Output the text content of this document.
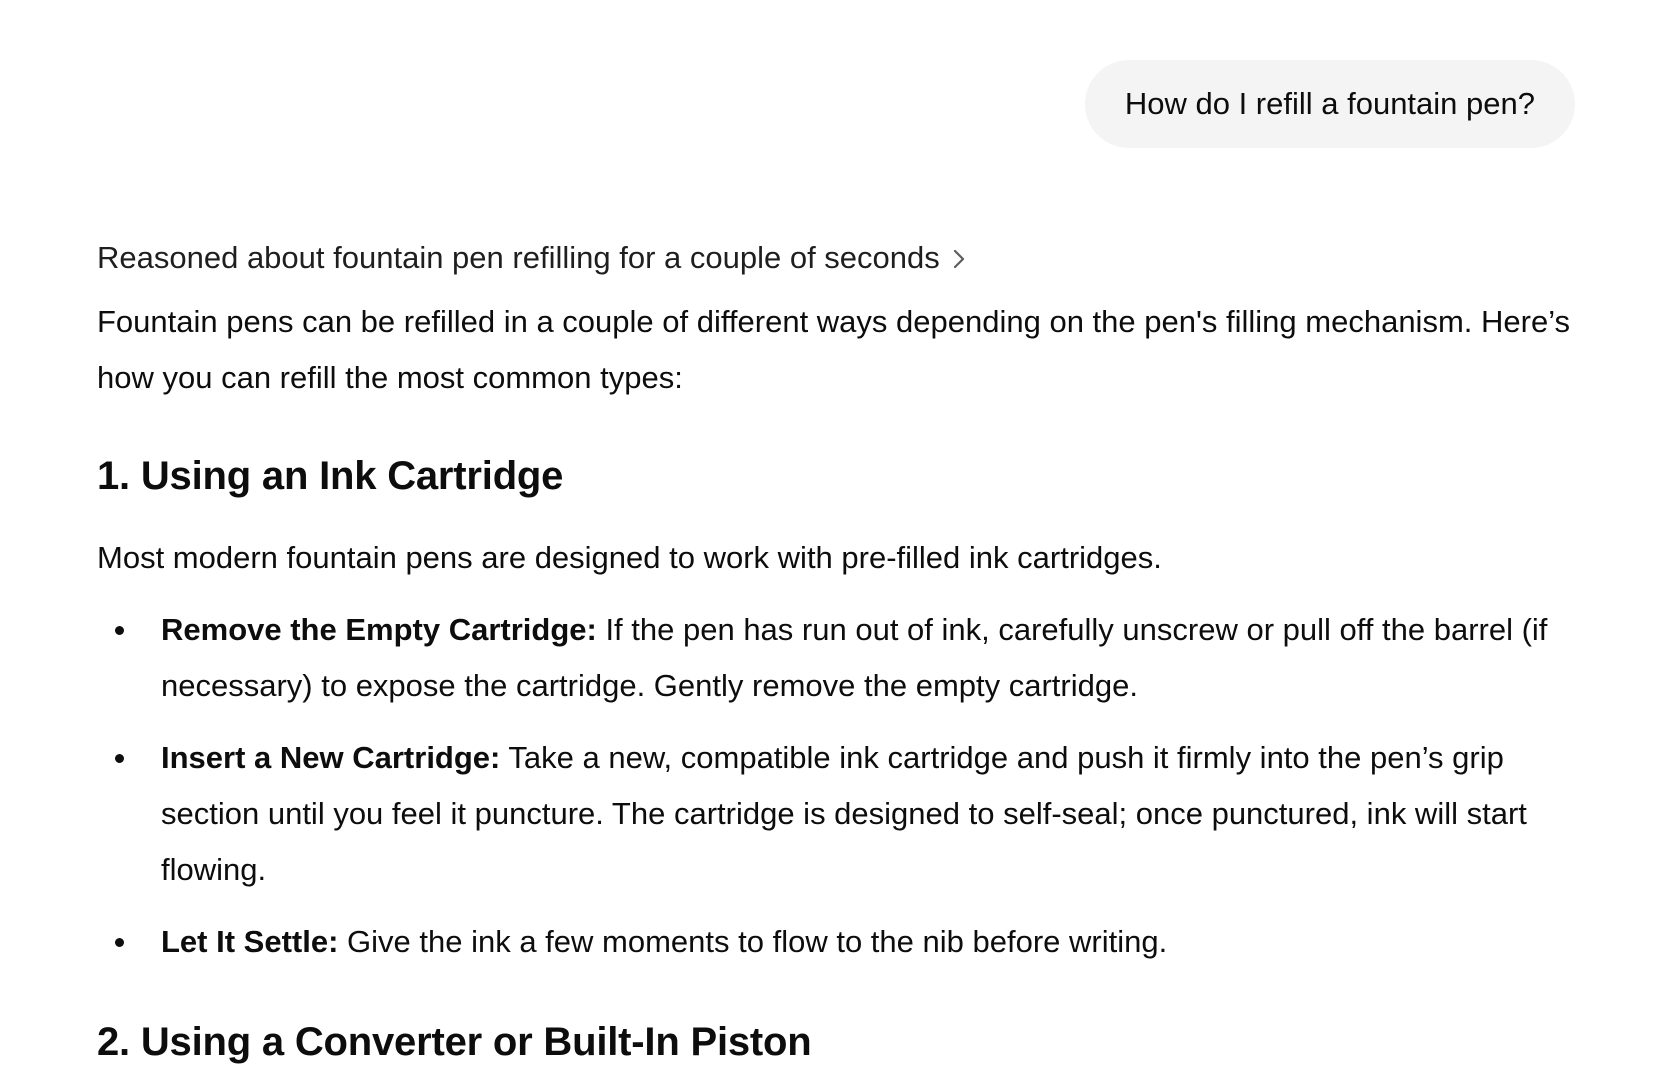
How do I refill a fountain pen?
Reasoned about fountain pen refilling for a couple of seconds

Fountain pens can be refilled in a couple of different ways depending on the pen's filling mechanism. Here’s how you can refill the most common types:

1. Using an Ink Cartridge

Most modern fountain pens are designed to work with pre-filled ink cartridges.

Remove the Empty Cartridge: If the pen has run out of ink, carefully unscrew or pull off the barrel (if necessary) to expose the cartridge. Gently remove the empty cartridge.
Insert a New Cartridge: Take a new, compatible ink cartridge and push it firmly into the pen’s grip section until you feel it puncture. The cartridge is designed to self-seal; once punctured, ink will start flowing.
Let It Settle: Give the ink a few moments to flow to the nib before writing.
2. Using a Converter or Built-In Piston
